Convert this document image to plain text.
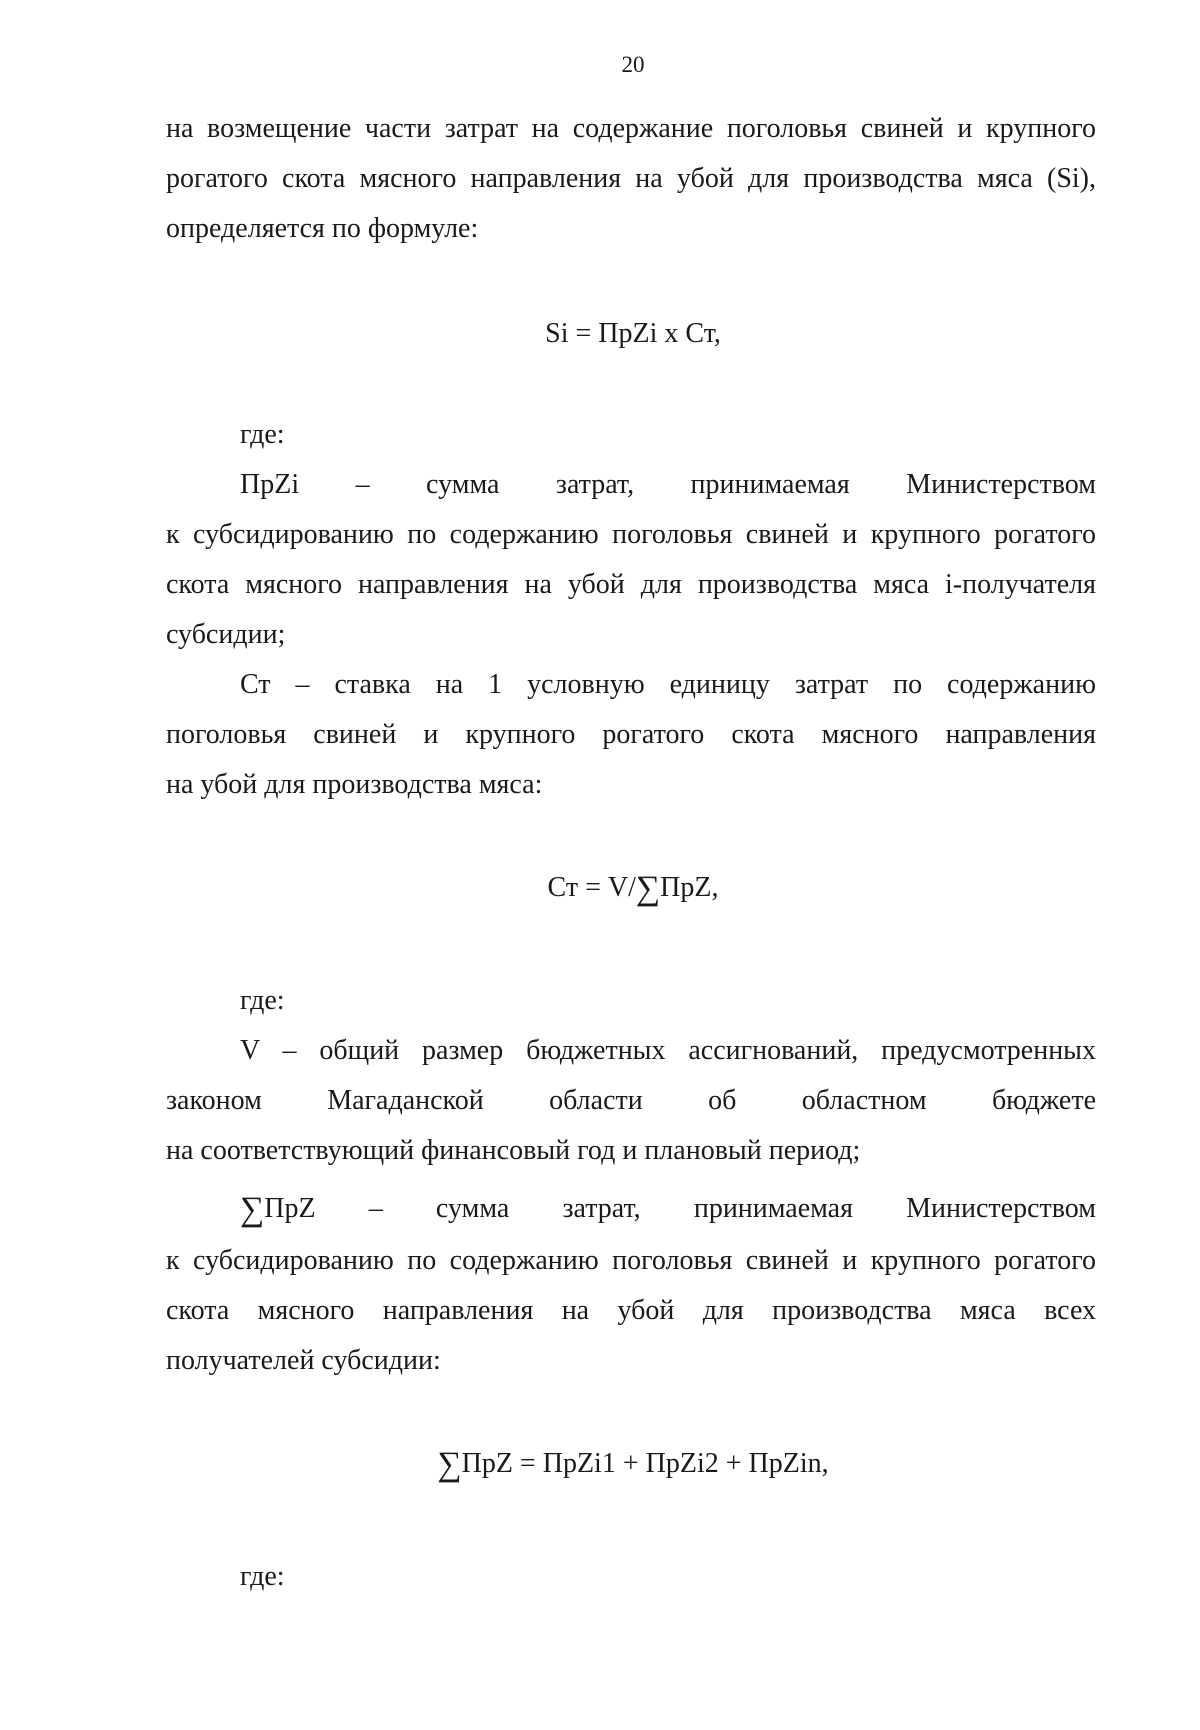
20
на возмещение части затрат на содержание поголовья свиней и крупного
рогатого скота мясного направления на убой для производства мяса (Si),
определяется по формуле:
Si = ПрZi х Ст,
где:
ПрZi – сумма затрат, принимаемая Министерством
к субсидированию по содержанию поголовья свиней и крупного рогатого
скота мясного направления на убой для производства мяса i-получателя
субсидии;
Ст – ставка на 1 условную единицу затрат по содержанию
поголовья свиней и крупного рогатого скота мясного направления
на убой для производства мяса:
Ст = V/∑ПрZ,
где:
V – общий размер бюджетных ассигнований, предусмотренных
законом Магаданской области об областном бюджете
на соответствующий финансовый год и плановый период;
∑ПрZ – сумма затрат, принимаемая Министерством
к субсидированию по содержанию поголовья свиней и крупного рогатого
скота мясного направления на убой для производства мяса всех
получателей субсидии:
∑ПрZ = ПрZi1 + ПрZi2 + ПрZin,
где:
